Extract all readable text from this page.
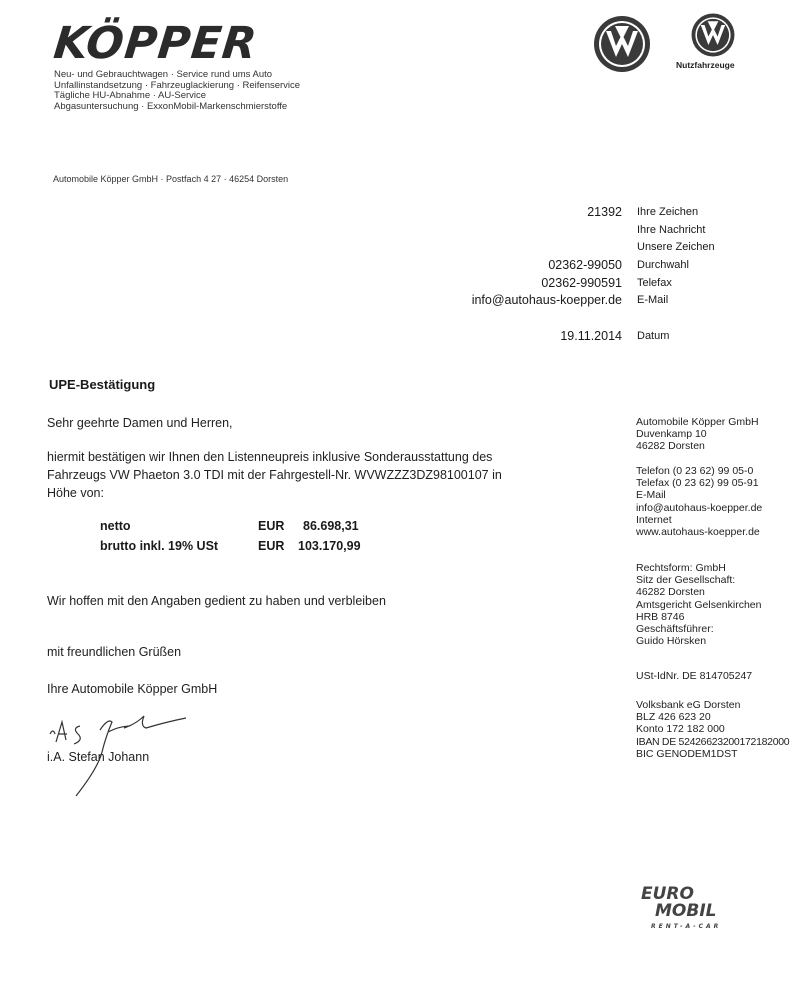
KÖPPER
Neu- und Gebrauchtwagen · Service rund ums Auto
Unfallinstandsetzung · Fahrzeuglackierung · Reifenservice
Tägliche HU-Abnahme · AU-Service
Abgasuntersuchung · ExxonMobil-Markenschmierstoffe
Nutzfahrzeuge
Automobile Köpper GmbH · Postfach 4 27 · 46254 Dorsten
21392 Ihre Zeichen
Ihre Nachricht
Unsere Zeichen
02362-99050 Durchwahl
02362-990591 Telefax
info@autohaus-koepper.de E-Mail
19.11.2014 Datum
UPE-Bestätigung
Sehr geehrte Damen und Herren,
hiermit bestätigen wir Ihnen den Listenneupreis inklusive Sonderausstattung des
Fahrzeugs VW Phaeton 3.0 TDI mit der Fahrgestell-Nr. WVWZZZ3DZ98100107 in
Höhe von:
netto	EUR 86.698,31
brutto inkl. 19% USt	EUR 103.170,99
Wir hoffen mit den Angaben gedient zu haben und verbleiben
mit freundlichen Grüßen
Ihre Automobile Köpper GmbH
i.A. Stefan Johann
Automobile Köpper GmbH
Duvenkamp 10
46282 Dorsten
Telefon (0 23 62) 99 05-0
Telefax (0 23 62) 99 05-91
E-Mail
info@autohaus-koepper.de
Internet
www.autohaus-koepper.de
Rechtsform: GmbH
Sitz der Gesellschaft:
46282 Dorsten
Amtsgericht Gelsenkirchen
HRB 8746
Geschäftsführer:
Guido Hörsken
USt-IdNr. DE 814705247
Volksbank eG Dorsten
BLZ 426 623 20
Konto 172 182 000
IBAN DE 52426623200172182000
BIC GENODEM1DST
EURO
MOBIL
RENT-A-CAR
